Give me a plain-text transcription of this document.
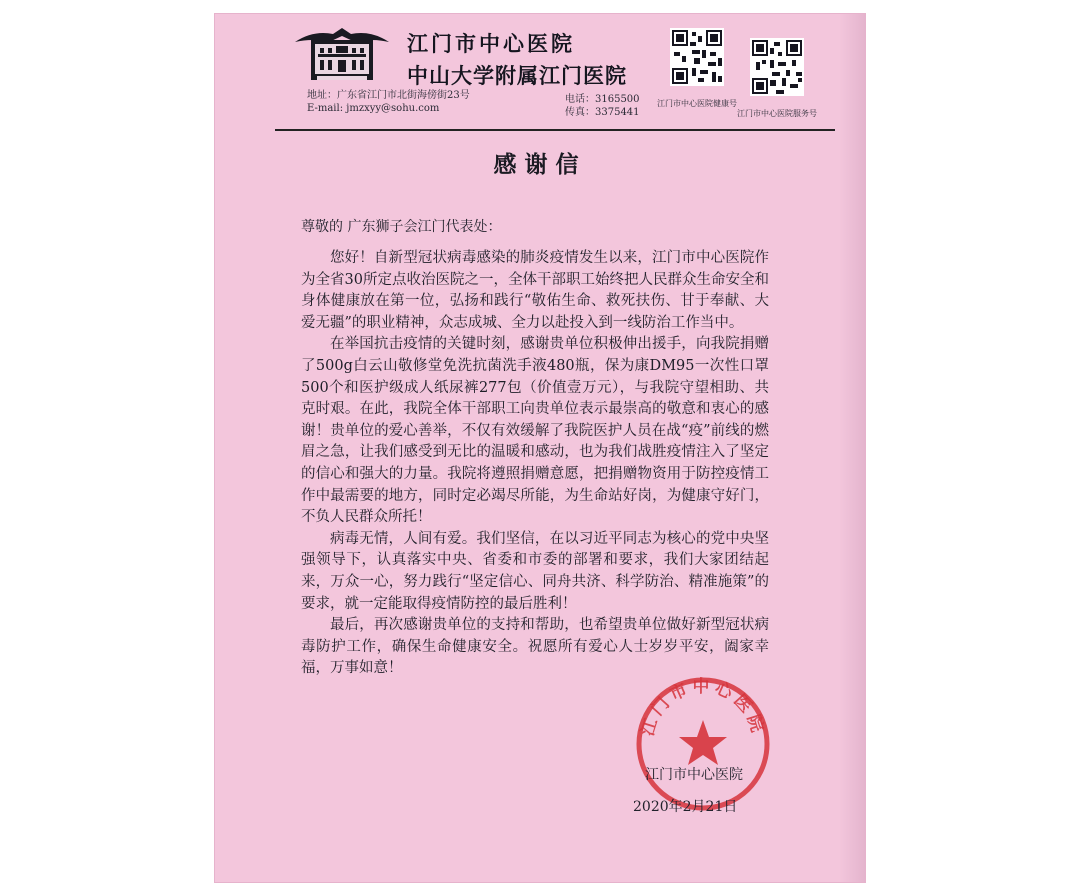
江门市中心医院
中山大学附属江门医院
地址：广东省江门市北街海傍街23号
E-mail: jmzxyy@sohu.com
电话：3165500
传真：3375441
江门市中心医院健康号
江门市中心医院服务号
感谢信
尊敬的 广东狮子会江门代表处：

您好！自新型冠状病毒感染的肺炎疫情发生以来，江门市中心医院作为全省30所定点收治医院之一，全体干部职工始终把人民群众生命安全和身体健康放在第一位，弘扬和践行“敬佑生命、救死扶伤、甘于奉献、大爱无疆”的职业精神，众志成城、全力以赴投入到一线防治工作当中。

在举国抗击疫情的关键时刻，感谢贵单位积极伸出援手，向我院捐赠了500g白云山敬修堂免洗抗菌洗手液480瓶，保为康DM95一次性口罩500个和医护级成人纸尿裤277包（价值壹万元），与我院守望相助、共克时艰。在此，我院全体干部职工向贵单位表示最崇高的敬意和衷心的感谢！贵单位的爱心善举，不仅有效缓解了我院医护人员在战“疫”前线的燃眉之急，让我们感受到无比的温暖和感动，也为我们战胜疫情注入了坚定的信心和强大的力量。我院将遵照捐赠意愿，把捐赠物资用于防控疫情工作中最需要的地方，同时定必竭尽所能，为生命站好岗，为健康守好门，不负人民群众所托！

病毒无情，人间有爱。我们坚信，在以习近平同志为核心的党中央坚强领导下，认真落实中央、省委和市委的部署和要求，我们大家团结起来，万众一心，努力践行“坚定信心、同舟共济、科学防治、精准施策”的要求，就一定能取得疫情防控的最后胜利！

最后，再次感谢贵单位的支持和帮助，也希望贵单位做好新型冠状病毒防护工作，确保生命健康安全。祝愿所有爱心人士岁岁平安，阖家幸福，万事如意！

江门市中心医院
江门市中心医院
2020年2月21日
